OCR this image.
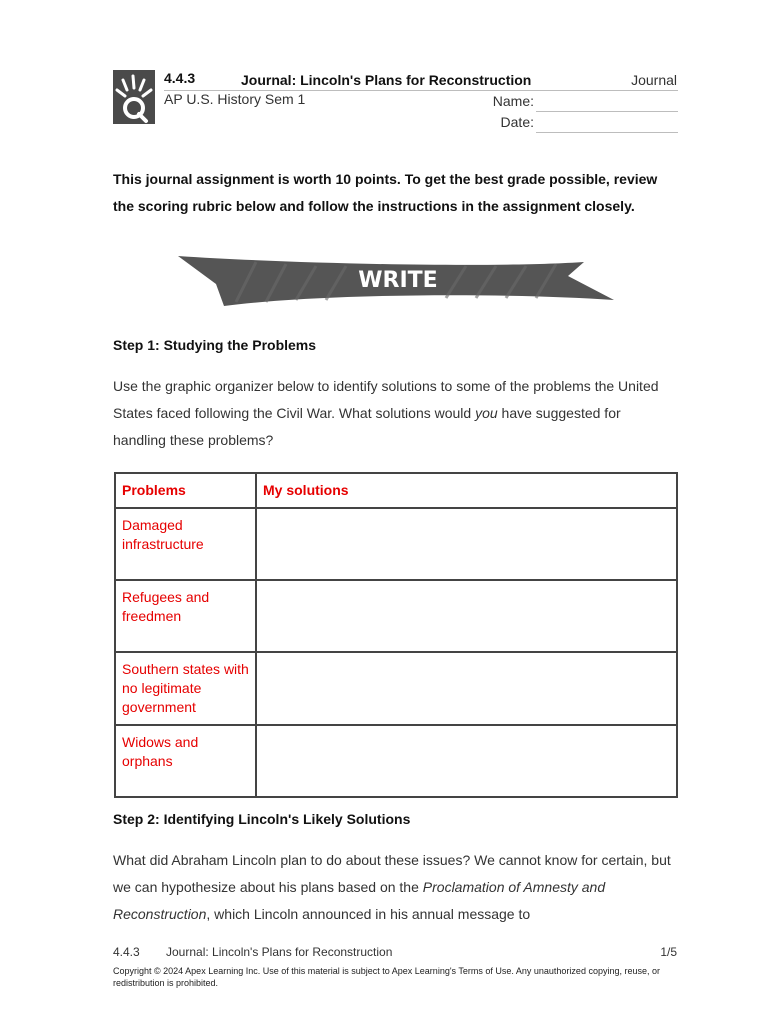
4.4.3	Journal: Lincoln's Plans for Reconstruction	Journal
AP U.S. History Sem 1	Name:
Date:
This journal assignment is worth 10 points. To get the best grade possible, review the scoring rubric below and follow the instructions in the assignment closely.
WRITE
Step 1: Studying the Problems
Use the graphic organizer below to identify solutions to some of the problems the United States faced following the Civil War. What solutions would you have suggested for handling these problems?
Problems	My solutions
Damaged infrastructure	
Refugees and freedmen	
Southern states with no legitimate government	
Widows and orphans	
Step 2: Identifying Lincoln's Likely Solutions
What did Abraham Lincoln plan to do about these issues? We cannot know for certain, but we can hypothesize about his plans based on the Proclamation of Amnesty and Reconstruction, which Lincoln announced in his annual message to
4.4.3 Journal: Lincoln's Plans for Reconstruction	1/5
Copyright © 2024 Apex Learning Inc. Use of this material is subject to Apex Learning's Terms of Use. Any unauthorized copying, reuse, or redistribution is prohibited.
